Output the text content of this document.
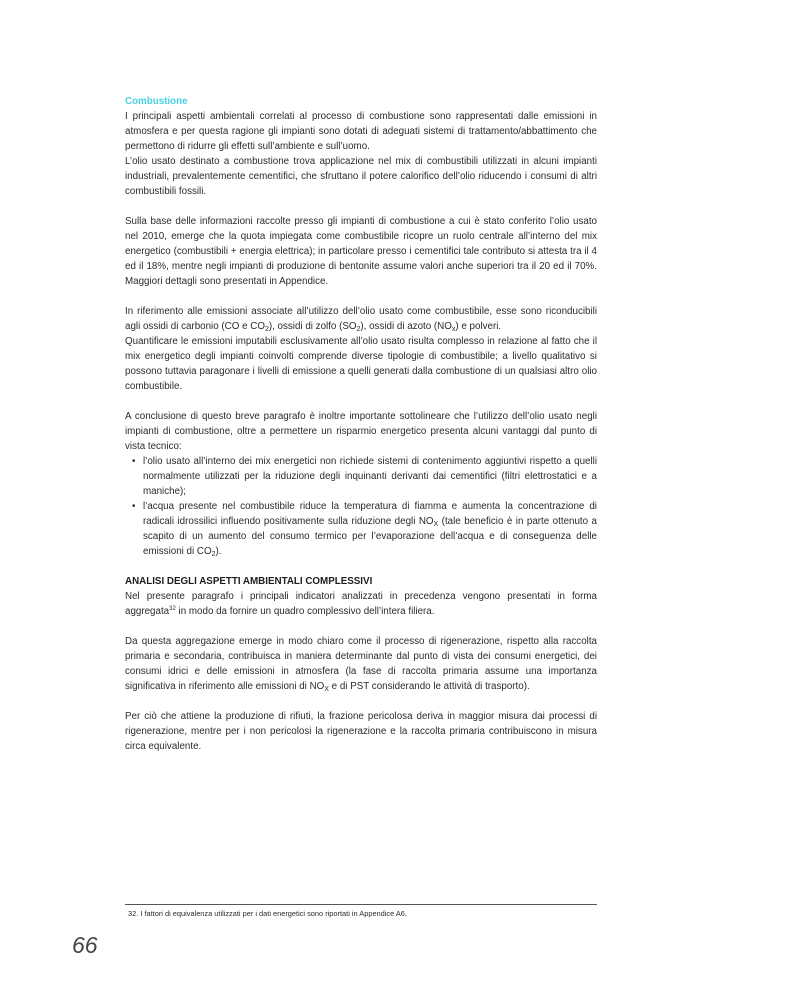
Combustione

I principali aspetti ambientali correlati al processo di combustione sono rappresentati dalle emissioni in atmosfera e per questa ragione gli impianti sono dotati di adeguati sistemi di trattamento/abbattimento che permettono di ridurre gli effetti sull’ambiente e sull’uomo.

L’olio usato destinato a combustione trova applicazione nel mix di combustibili utilizzati in alcuni impianti industriali, prevalentemente cementifici, che sfruttano il potere calorifico dell’olio riducendo i consumi di altri combustibili fossili.

Sulla base delle informazioni raccolte presso gli impianti di combustione a cui è stato conferito l’olio usato nel 2010, emerge che la quota impiegata come combustibile ricopre un ruolo centrale all’interno del mix energetico (combustibili + energia elettrica); in particolare presso i cementifici tale contributo si attesta tra il 4 ed il 18%, mentre negli impianti di produzione di bentonite assume valori anche superiori tra il 20 ed il 70%. Maggiori dettagli sono presentati in Appendice.

In riferimento alle emissioni associate all’utilizzo dell’olio usato come combustibile, esse sono riconducibili agli ossidi di carbonio (CO e $CO_2$), ossidi di zolfo $(SO_2)$, ossidi di azoto $(NO_x)$ e polveri.

Quantificare le emissioni imputabili esclusivamente all’olio usato risulta complesso in relazione al fatto che il mix energetico degli impianti coinvolti comprende diverse tipologie di combustibile; a livello qualitativo si possono tuttavia paragonare i livelli di emissione a quelli generati dalla combustione di un qualsiasi altro olio combustibile.

A conclusione di questo breve paragrafo è inoltre importante sottolineare che l’utilizzo dell’olio usato negli impianti di combustione, oltre a permettere un risparmio energetico presenta alcuni vantaggi dal punto di vista tecnico:

• l’olio usato all’interno dei mix energetici non richiede sistemi di contenimento aggiuntivi rispetto a quelli normalmente utilizzati per la riduzione degli inquinanti derivanti dai cementifici (filtri elettrostatici e a maniche);
• l’acqua presente nel combustibile riduce la temperatura di fiamma e aumenta la concentrazione di radicali idrossilici influendo positivamente sulla riduzione degli $NO_X$ (tale beneficio è in parte ottenuto a scapito di un aumento del consumo termico per l’evaporazione dell’acqua e di conseguenza delle emissioni di $CO_2$).

ANALISI DEGLI ASPETTI AMBIENTALI COMPLESSIVI

Nel presente paragrafo i principali indicatori analizzati in precedenza vengono presentati in forma aggregata$^{32}$ in modo da fornire un quadro complessivo dell’intera filiera.

Da questa aggregazione emerge in modo chiaro come il processo di rigenerazione, rispetto alla raccolta primaria e secondaria, contribuisca in maniera determinante dal punto di vista dei consumi energetici, dei consumi idrici e delle emissioni in atmosfera (la fase di raccolta primaria assume una importanza significativa in riferimento alle emissioni di $NO_X$ e di PST considerando le attività di trasporto).

Per ciò che attiene la produzione di rifiuti, la frazione pericolosa deriva in maggior misura dai processi di rigenerazione, mentre per i non pericolosi la rigenerazione e la raccolta primaria contribuiscono in misura circa equivalente.

32. I fattori di equivalenza utilizzati per i dati energetici sono riportati in Appendice A6.
66
